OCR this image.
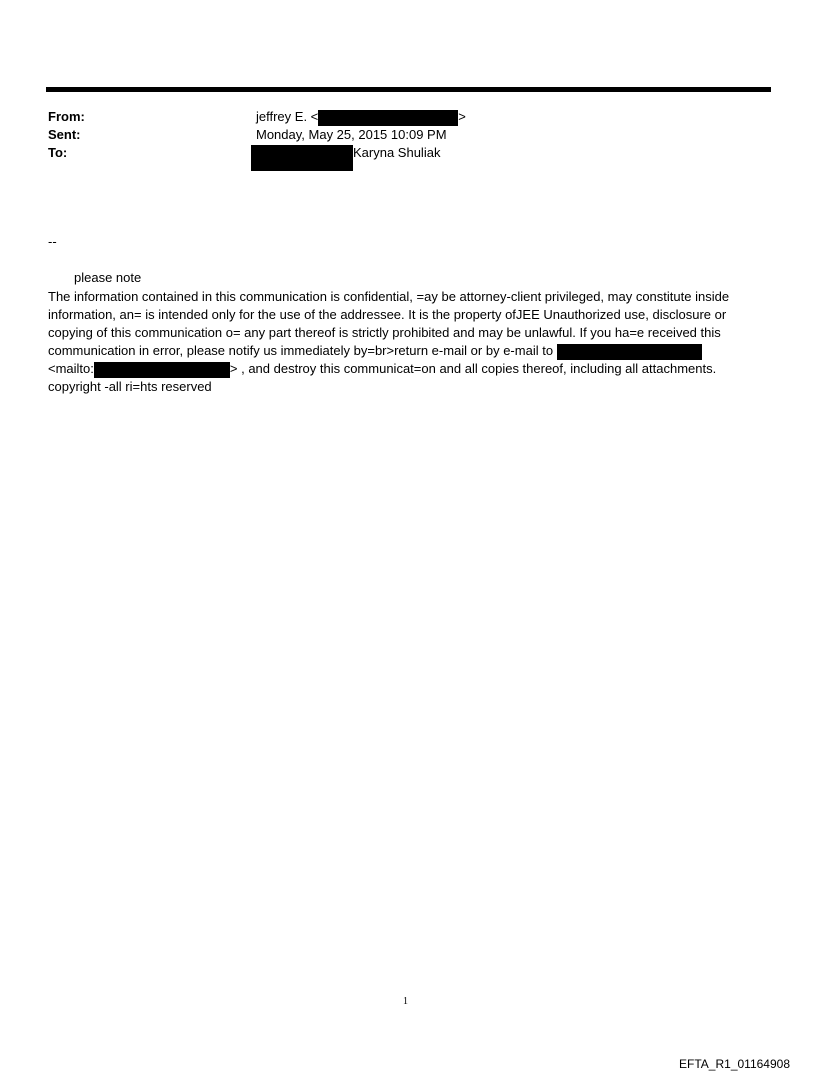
From:	jeffrey E. <	>
Sent:	Monday, May 25, 2015 10:09 PM
To:	Karyna Shuliak
--
please note
The information contained in this communication is confidential, =ay be attorney-client privileged, may constitute inside
information, an= is intended only for the use of the addressee. It is the property ofJEE Unauthorized use, disclosure or
copying of this communication o= any part thereof is strictly prohibited and may be unlawful. If you ha=e received this
communication in error, please notify us immediately by=br>return e-mail or by e-mail to
<mailto:	> , and destroy this communicat=on and all copies thereof, including all attachments.
copyright -all ri=hts reserved
1
EFTA_R1_01164908
